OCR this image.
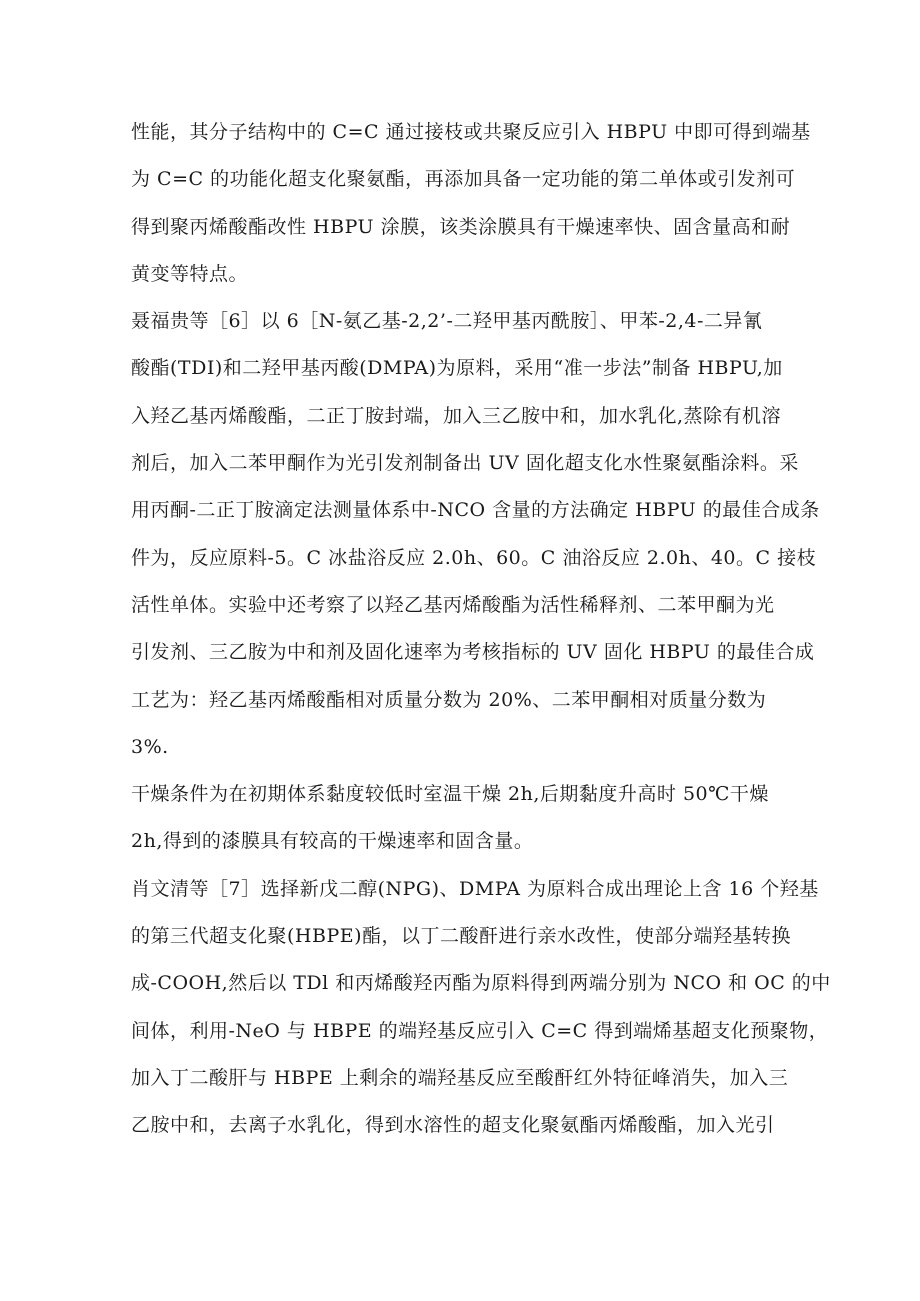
性能，其分子结构中的 C=C 通过接枝或共聚反应引入 HBPU 中即可得到端基
为 C=C 的功能化超支化聚氨酯，再添加具备一定功能的第二单体或引发剂可
得到聚丙烯酸酯改性 HBPU 涂膜，该类涂膜具有干燥速率快、固含量高和耐
黄变等特点。
聂福贵等［6］以 6［N-氨乙基-2,2’-二羟甲基丙酰胺］、甲苯-2,4-二异氰
酸酯(TDI)和二羟甲基丙酸(DMPA)为原料，采用“准一步法”制备 HBPU,加
入羟乙基丙烯酸酯，二正丁胺封端，加入三乙胺中和，加水乳化,蒸除有机溶
剂后，加入二苯甲酮作为光引发剂制备出 UV 固化超支化水性聚氨酯涂料。采
用丙酮-二正丁胺滴定法测量体系中-NCO 含量的方法确定 HBPU 的最佳合成条
件为，反应原料-5。C 冰盐浴反应 2.0h、60。C 油浴反应 2.0h、40。C 接枝
活性单体。实验中还考察了以羟乙基丙烯酸酯为活性稀释剂、二苯甲酮为光
引发剂、三乙胺为中和剂及固化速率为考核指标的 UV 固化 HBPU 的最佳合成
工艺为：羟乙基丙烯酸酯相对质量分数为 20%、二苯甲酮相对质量分数为
3%.
干燥条件为在初期体系黏度较低时室温干燥 2h,后期黏度升高时 50℃干燥
2h,得到的漆膜具有较高的干燥速率和固含量。
肖文清等［7］选择新戊二醇(NPG)、DMPA 为原料合成出理论上含 16 个羟基
的第三代超支化聚(HBPE)酯，以丁二酸酐进行亲水改性，使部分端羟基转换
成-COOH,然后以 TDl 和丙烯酸羟丙酯为原料得到两端分别为 NCO 和 OC 的中
间体，利用-NeO 与 HBPE 的端羟基反应引入 C=C 得到端烯基超支化预聚物，
加入丁二酸肝与 HBPE 上剩余的端羟基反应至酸酐红外特征峰消失，加入三
乙胺中和，去离子水乳化，得到水溶性的超支化聚氨酯丙烯酸酯，加入光引
